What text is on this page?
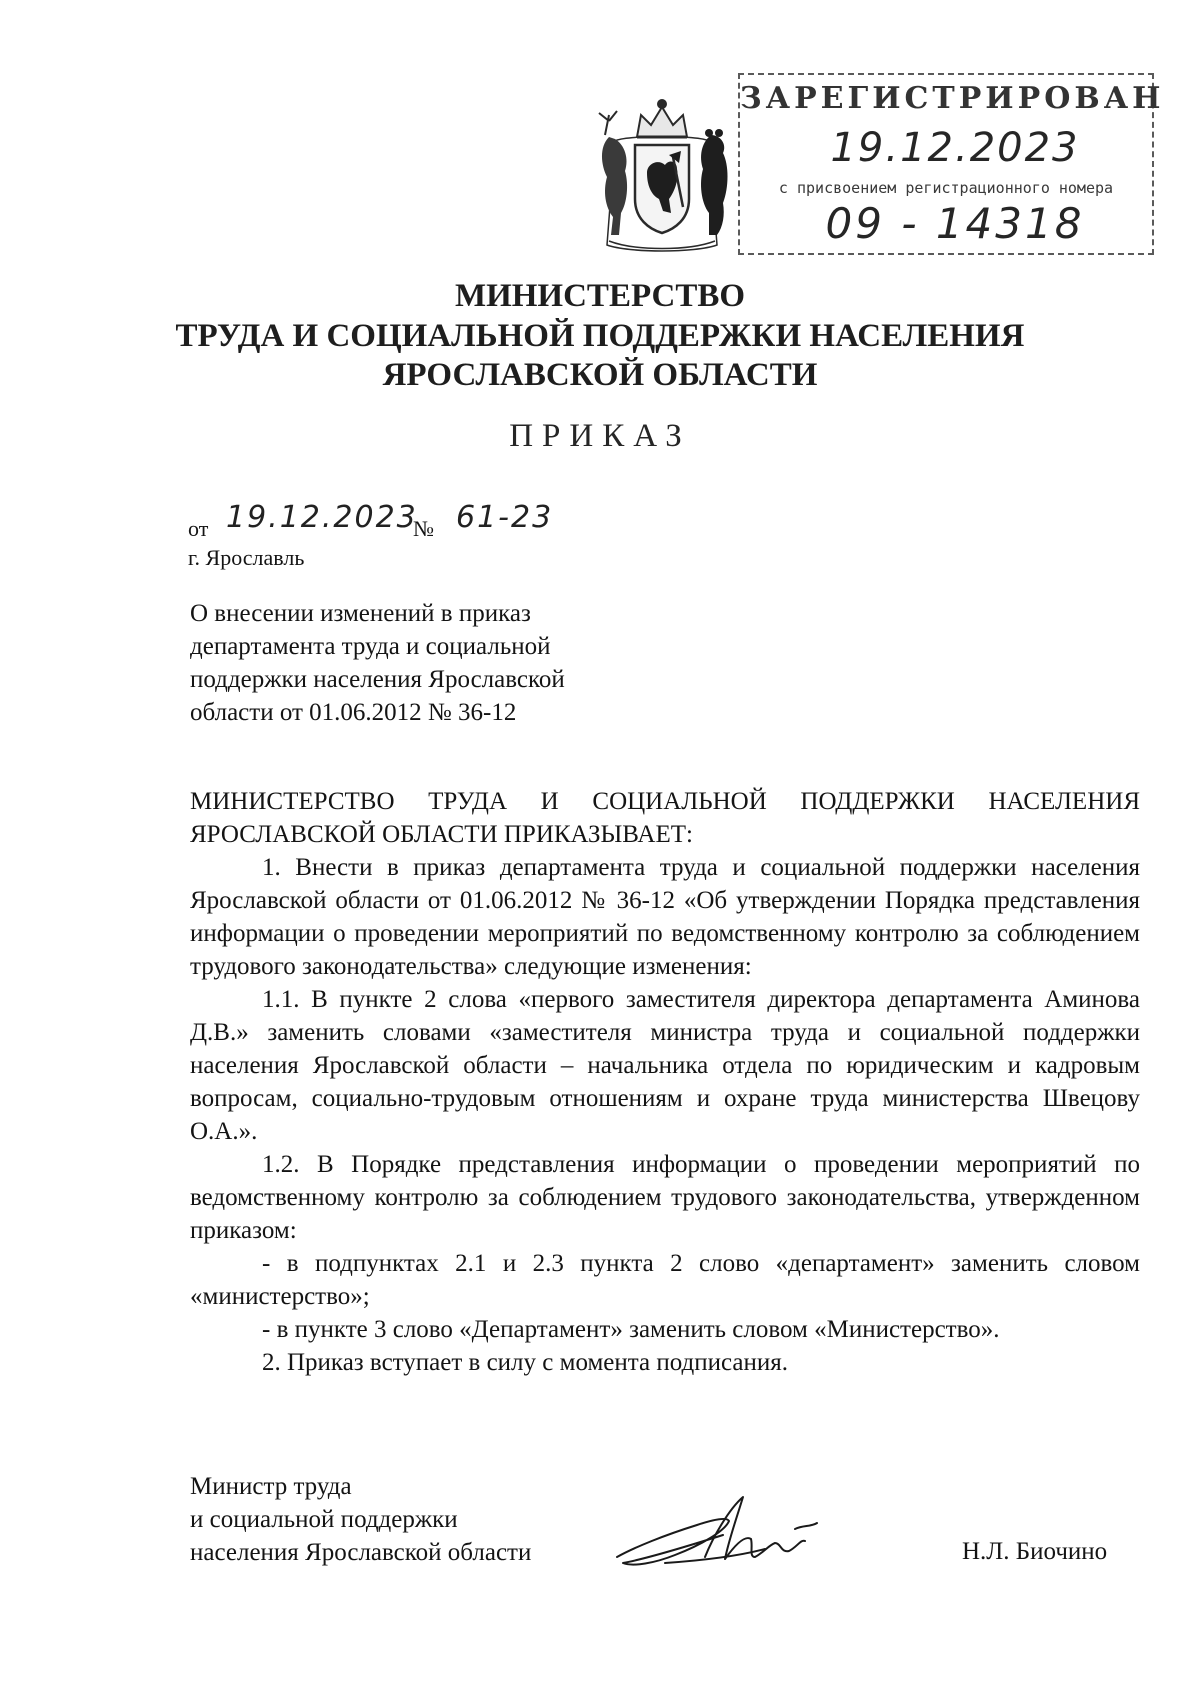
ЗАРЕГИСТРИРОВАН
19.12.2023
с присвоением регистрационного номера
09 - 14318
МИНИСТЕРСТВО
ТРУДА И СОЦИАЛЬНОЙ ПОДДЕРЖКИ НАСЕЛЕНИЯ
ЯРОСЛАВСКОЙ ОБЛАСТИ
ПРИКАЗ
от 19.12.2023
№ 61-23
г. Ярославль
О внесении изменений в приказ
департамента труда и социальной
поддержки населения Ярославской
области от 01.06.2012 № 36-12

МИНИСТЕРСТВО ТРУДА И СОЦИАЛЬНОЙ ПОДДЕРЖКИ НАСЕЛЕНИЯ ЯРОСЛАВСКОЙ ОБЛАСТИ ПРИКАЗЫВАЕТ:

1. Внести в приказ департамента труда и социальной поддержки населения Ярославской области от 01.06.2012 № 36-12 «Об утверждении Порядка представления информации о проведении мероприятий по ведомственному контролю за соблюдением трудового законодательства» следующие изменения:

1.1. В пункте 2 слова «первого заместителя директора департамента Аминова Д.В.» заменить словами «заместителя министра труда и социальной поддержки населения Ярославской области – начальника отдела по юридическим и кадровым вопросам, социально-трудовым отношениям и охране труда министерства Швецову О.А.».

1.2. В Порядке представления информации о проведении мероприятий по ведомственному контролю за соблюдением трудового законодательства, утвержденном приказом:

- в подпунктах 2.1 и 2.3 пункта 2 слово «департамент» заменить словом «министерство»;

- в пункте 3 слово «Департамент» заменить словом «Министерство».

2. Приказ вступает в силу с момента подписания.

Министр труда
и социальной поддержки
населения Ярославской области	Н.Л. Биочино
